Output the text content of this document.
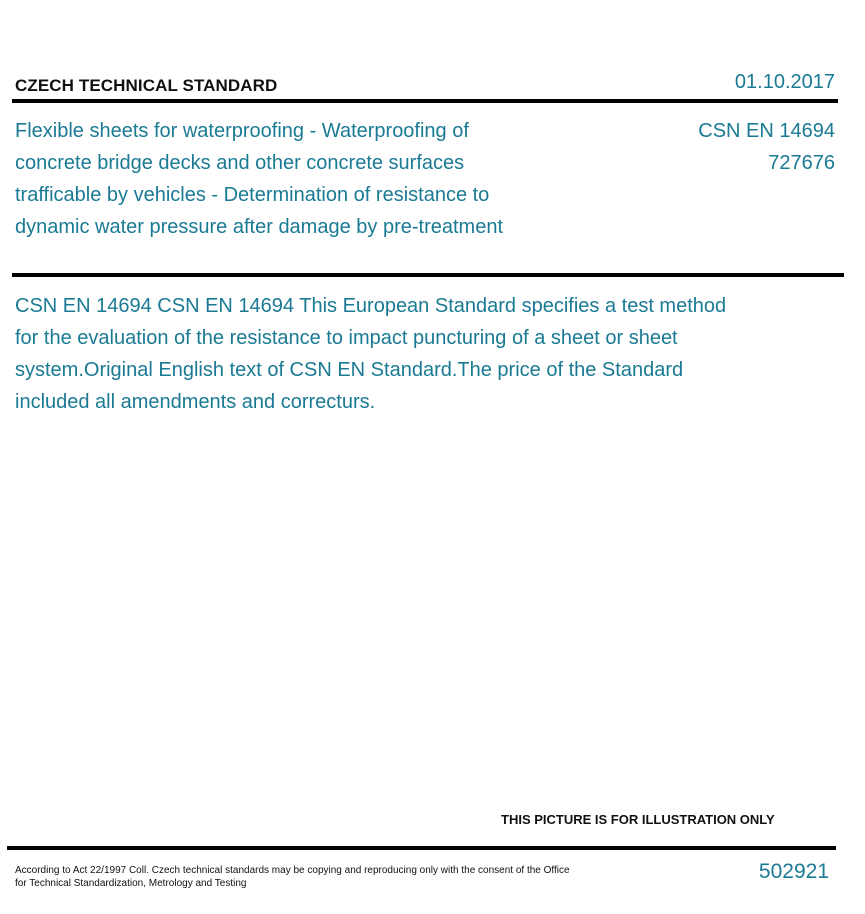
CZECH TECHNICAL STANDARD	01.10.2017
Flexible sheets for waterproofing - Waterproofing of concrete bridge decks and other concrete surfaces trafficable by vehicles - Determination of resistance to dynamic water pressure after damage by pre-treatment
CSN EN 14694
727676
CSN EN 14694 CSN EN 14694 This European Standard specifies a test method for the evaluation of the resistance to impact puncturing of a sheet or sheet system.Original English text of CSN EN Standard.The price of the Standard included all amendments and correcturs.
THIS PICTURE IS FOR ILLUSTRATION ONLY
According to Act 22/1997 Coll. Czech technical standards may be copying and reproducing only with the consent of the Office
for Technical Standardization, Metrology and Testing
502921
